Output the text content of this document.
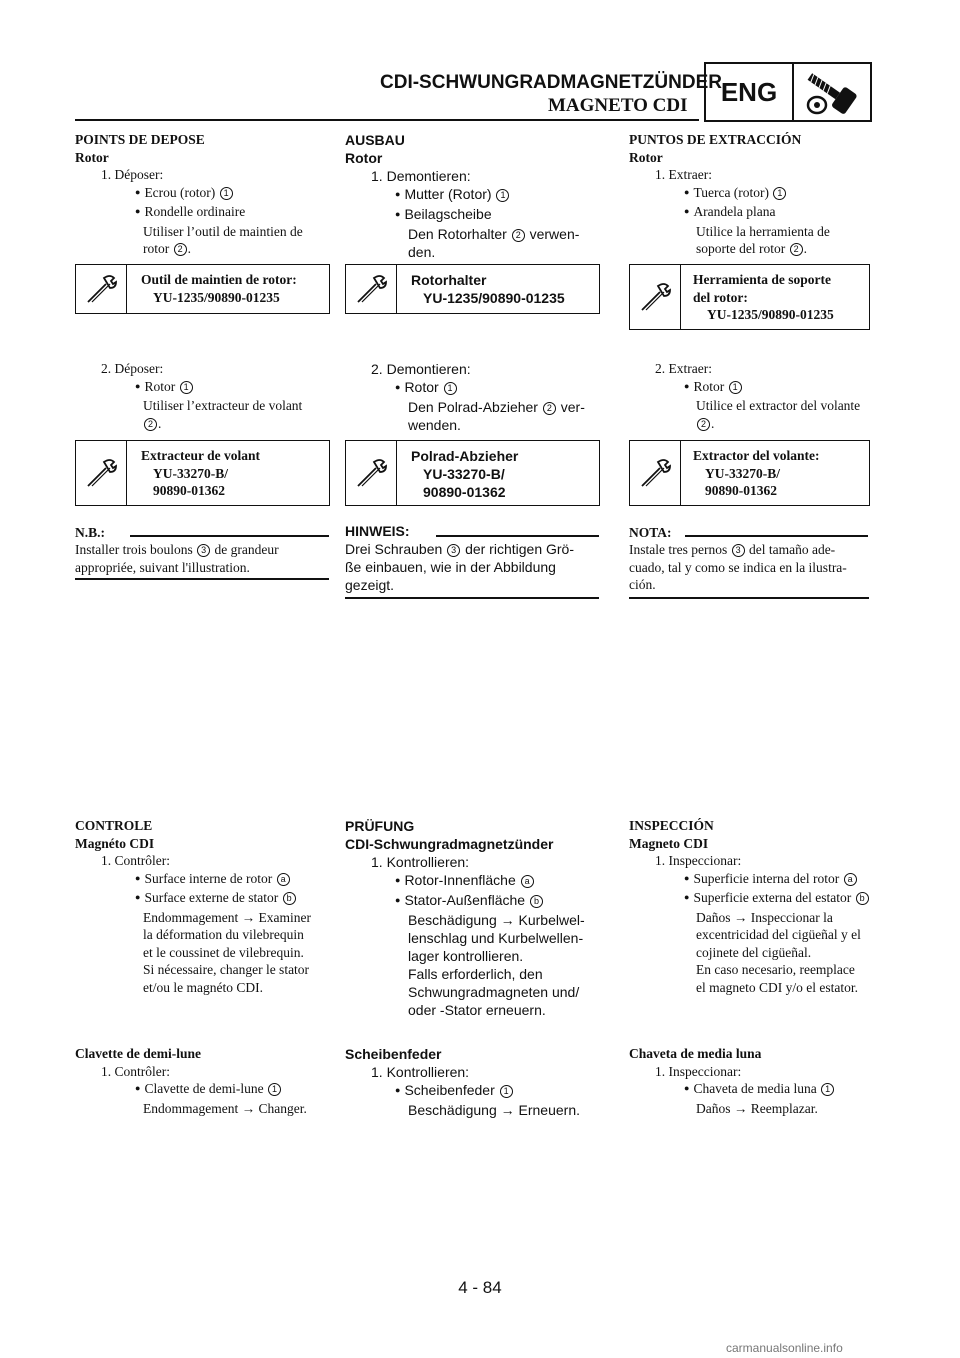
CDI-SCHWUNGRADMAGNETZÜNDER
MAGNETO CDI	ENG
POINTS DE DEPOSE
Rotor
1. Déposer:
● Ecrou (rotor) 1
● Rondelle ordinaire
Utiliser l’outil de maintien de
rotor 2 .
Outil de maintien de rotor:
YU-1235/90890-01235
2. Déposer:
● Rotor 1
Utiliser l’extracteur de volant
2 .
Extracteur de volant
YU-33270-B/
90890-01362
N.B.:
Installer trois boulons 3 de grandeur
appropriée, suivant l'illustration.
CONTROLE
Magnéto CDI
1. Contrôler:
● Surface interne de rotor a
● Surface externe de stator b
Endommagement → Examiner
la déformation du vilebrequin
et le coussinet de vilebrequin.
Si nécessaire, changer le stator
et/ou le magnéto CDI.
Clavette de demi-lune
1. Contrôler:
● Clavette de demi-lune 1
Endommagement → Changer.
AUSBAU
Rotor
1. Demontieren:
● Mutter (Rotor) 1
● Beilagscheibe
Den Rotorhalter 2 verwen-
den.
Rotorhalter
YU-1235/90890-01235
2. Demontieren:
● Rotor 1
Den Polrad-Abzieher 2 ver-
wenden.
Polrad-Abzieher
YU-33270-B/
90890-01362
HINWEIS:
Drei Schrauben 3 der richtigen Grö-
ße einbauen, wie in der Abbildung
gezeigt.
PRÜFUNG
CDI-Schwungradmagnetzünder
1. Kontrollieren:
● Rotor-Innenfläche a
● Stator-Außenfläche b
Beschädigung → Kurbelwel-
lenschlag und Kurbelwellen-
lager kontrollieren.
Falls erforderlich, den
Schwungradmagneten und/
oder -Stator erneuern.
Scheibenfeder
1. Kontrollieren:
● Scheibenfeder 1
Beschädigung → Erneuern.
PUNTOS DE EXTRACCIÓN
Rotor
1. Extraer:
● Tuerca (rotor) 1
● Arandela plana
Utilice la herramienta de
soporte del rotor 2 .
Herramienta de soporte
del rotor:
YU-1235/90890-01235
2. Extraer:
● Rotor 1
Utilice el extractor del volante
2 .
Extractor del volante:
YU-33270-B/
90890-01362
NOTA:
Instale tres pernos 3 del tamaño ade-
cuado, tal y como se indica en la ilustra-
ción.
INSPECCIÓN
Magneto CDI
1. Inspeccionar:
● Superficie interna del rotor a
● Superficie externa del estator b
Daños → Inspeccionar la
excentricidad del cigüeñal y el
cojinete del cigüeñal.
En caso necesario, reemplace
el magneto CDI y/o el estator.
Chaveta de media luna
1. Inspeccionar:
● Chaveta de media luna 1
Daños → Reemplazar.
4 - 84
carmanualsonline.info
